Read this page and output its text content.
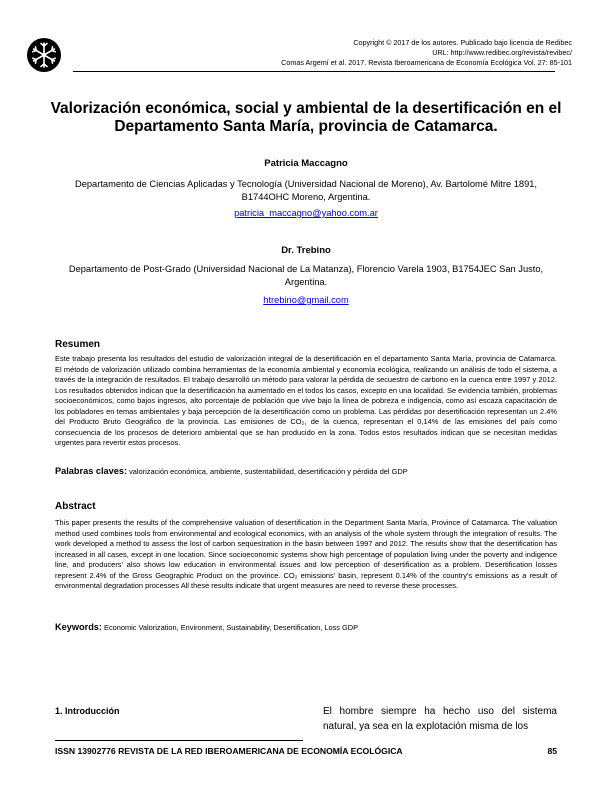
Copyright © 2017 de los autores. Publicado bajo licencia de Redibec
URL: http://www.redibec.org/revista/revibec/
Comas Argemí et al. 2017. Revista Iberoamericana de Economía Ecológica Vol. 27: 85-101
Valorización económica, social y ambiental de la desertificación en el Departamento Santa María, provincia de Catamarca.
Patricia Maccagno
Departamento de Ciencias Aplicadas y Tecnología (Universidad Nacional de Moreno), Av. Bartolomé Mitre 1891, B1744OHC Moreno, Argentina.
patricia_maccagno@yahoo.com.ar
Dr. Trebino
Departamento de Post-Grado (Universidad Nacional de La Matanza), Florencio Varela 1903, B1754JEC San Justo, Argentina.
htrebino@gmail.com
Resumen
Este trabajo presenta los resultados del estudio de valorización integral de la desertificación en el departamento Santa María, provincia de Catamarca. El método de valorización utilizado combina herramientas de la economía ambiental y economía ecológica, realizando un análisis de todo el sistema, a través de la integración de resultados. El trabajo desarrolló un método para valorar la pérdida de secuestro de carbono en la cuenca entre 1997 y 2012. Los resultados obtenidos indican que la desertificación ha aumentado en el todos los casos, excepto en una localidad. Se evidencia también, problemas socioeconómicos, como bajos ingresos, alto porcentaje de población que vive bajo la línea de pobreza e indigencia, como así escaza capacitación de los pobladores en temas ambientales y baja percepción de la desertificación como un problema. Las pérdidas por desertificación representan un 2.4% del Producto Bruto Geográfico de la provincia. Las emisiones de CO₂, de la cuenca, representan el 0,14% de las emisiones del país como consecuencia de los procesos de deterioro ambiental que se han producido en la zona. Todos estos resultados indican que se necesitan medidas urgentes para revertir estos procesos.
Palabras claves: valorización económica, ambiente, sustentabilidad, desertificación y pérdida del GDP
Abstract
This paper presents the results of the comprehensive valuation of desertification in the Department Santa María, Province of Catamarca. The valuation method used combines tools from environmental and ecological economics, with an analysis of the whole system through the integration of results. The work developed a method to assess the lost of carbon sequestration in the basin between 1997 and 2012. The results show that the desertification has increased in all cases, except in one location. Since socioeconomic systems show high percentage of population living under the poverty and indigence line, and producers' also shows low education in environmental issues and low perception of desertification as a problem. Desertification losses represent 2.4% of the Gross Geographic Product on the province. CO₂ emissions' basin, represent 0.14% of the country's emissions as a result of environmental degradation processes All these results indicate that urgent measures are need to reverse these processes.
Keywords: Economic Valorization, Environment, Sustainability, Desertification, Loss GDP
1. Introducción	El hombre siempre ha hecho uso del sistema natural, ya sea en la explotación misma de los
ISSN 13902776 REVISTA DE LA RED IBEROAMERICANA DE ECONOMÍA ECOLÓGICA	85
